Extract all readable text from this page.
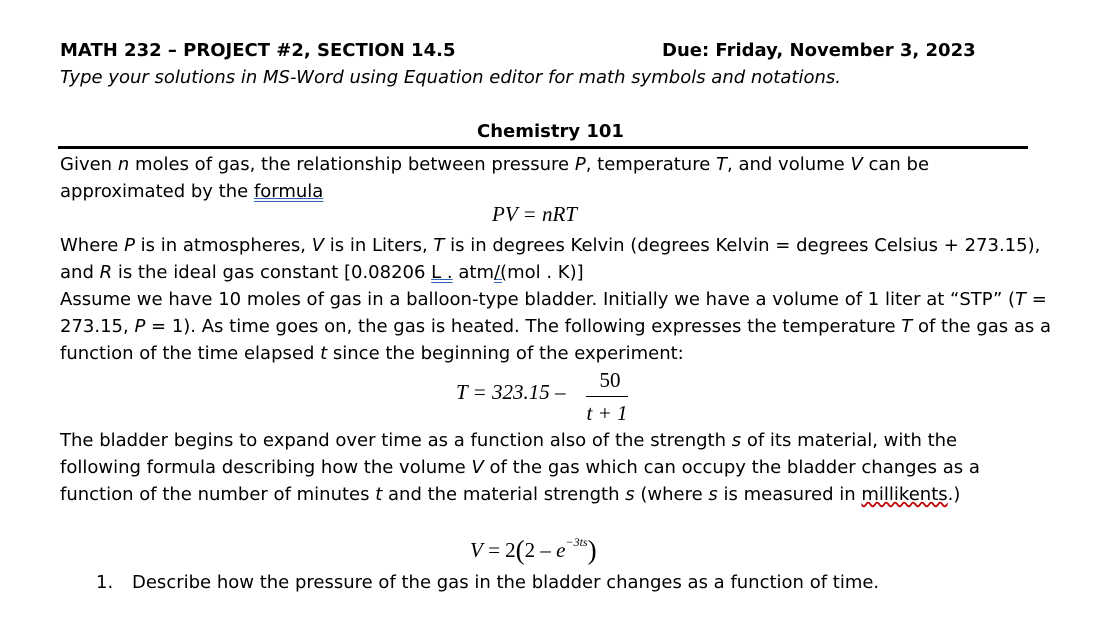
MATH 232 – PROJECT #2, SECTION 14.5	Due: Friday, November 3, 2023
Type your solutions in MS-Word using Equation editor for math symbols and notations.
Chemistry 101
Given n moles of gas, the relationship between pressure P, temperature T, and volume V can be
approximated by the formula
PV = nRT
Where P is in atmospheres, V is in Liters, T is in degrees Kelvin (degrees Kelvin = degrees Celsius + 273.15),
and R is the ideal gas constant [0.08206 L . atm/(mol . K)]
Assume we have 10 moles of gas in a balloon-type bladder. Initially we have a volume of 1 liter at “STP” (T =
273.15, P = 1). As time goes on, the gas is heated. The following expresses the temperature T of the gas as a
function of the time elapsed t since the beginning of the experiment:
T = 323.15 –	50
t + 1
The bladder begins to expand over time as a function also of the strength s of its material, with the
following formula describing how the volume V of the gas which can occupy the bladder changes as a
function of the number of minutes t and the material strength s (where s is measured in millikents.)
$V = 2(2 - e^{-3ts})$
1. Describe how the pressure of the gas in the bladder changes as a function of time.
